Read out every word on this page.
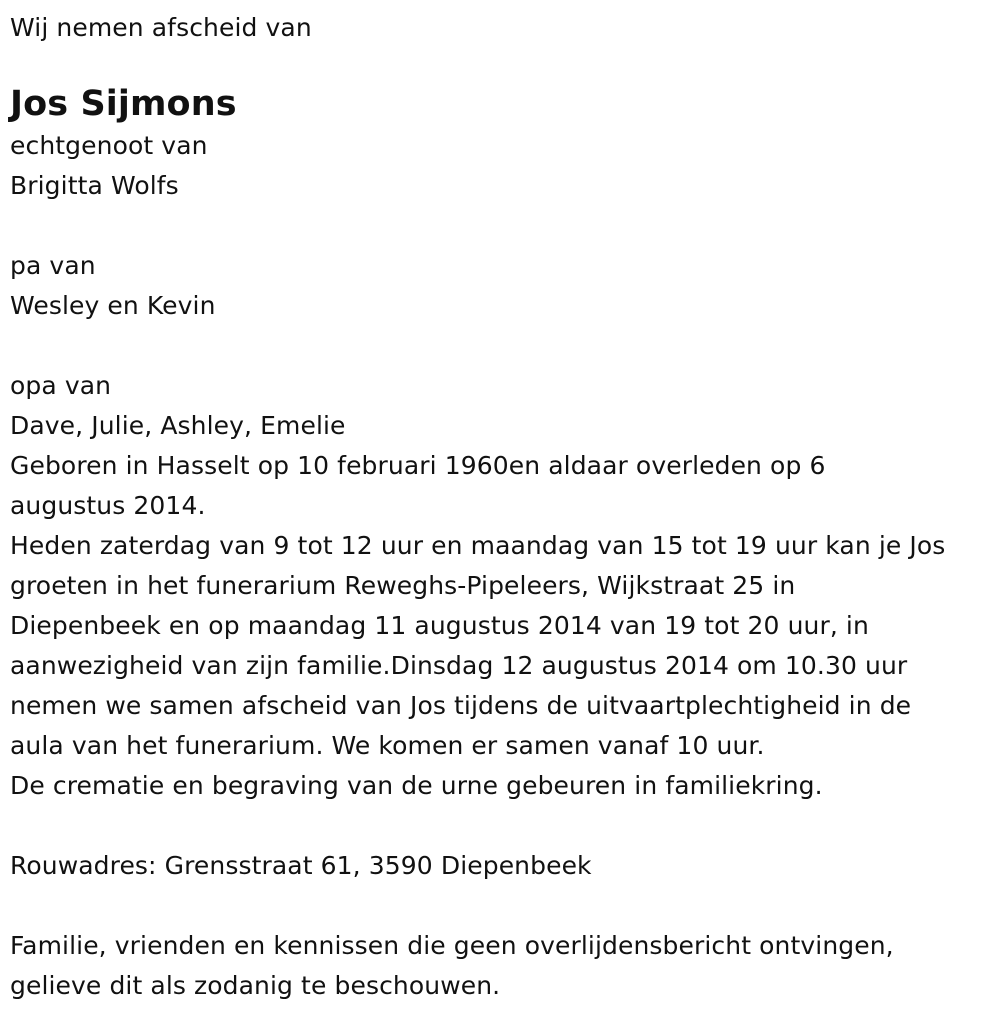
Wij nemen afscheid van
Jos Sijmons
echtgenoot van
Brigitta Wolfs
pa van
Wesley en Kevin
opa van
Dave, Julie, Ashley, Emelie
Geboren in Hasselt op 10 februari 1960en aldaar overleden op 6
augustus 2014.
Heden zaterdag van 9 tot 12 uur en maandag van 15 tot 19 uur kan je Jos
groeten in het funerarium Reweghs-Pipeleers, Wijkstraat 25 in
Diepenbeek en op maandag 11 augustus 2014 van 19 tot 20 uur, in
aanwezigheid van zijn familie.Dinsdag 12 augustus 2014 om 10.30 uur
nemen we samen afscheid van Jos tijdens de uitvaartplechtigheid in de
aula van het funerarium. We komen er samen vanaf 10 uur.
De crematie en begraving van de urne gebeuren in familiekring.
Rouwadres: Grensstraat 61, 3590 Diepenbeek
Familie, vrienden en kennissen die geen overlijdensbericht ontvingen,
gelieve dit als zodanig te beschouwen.
